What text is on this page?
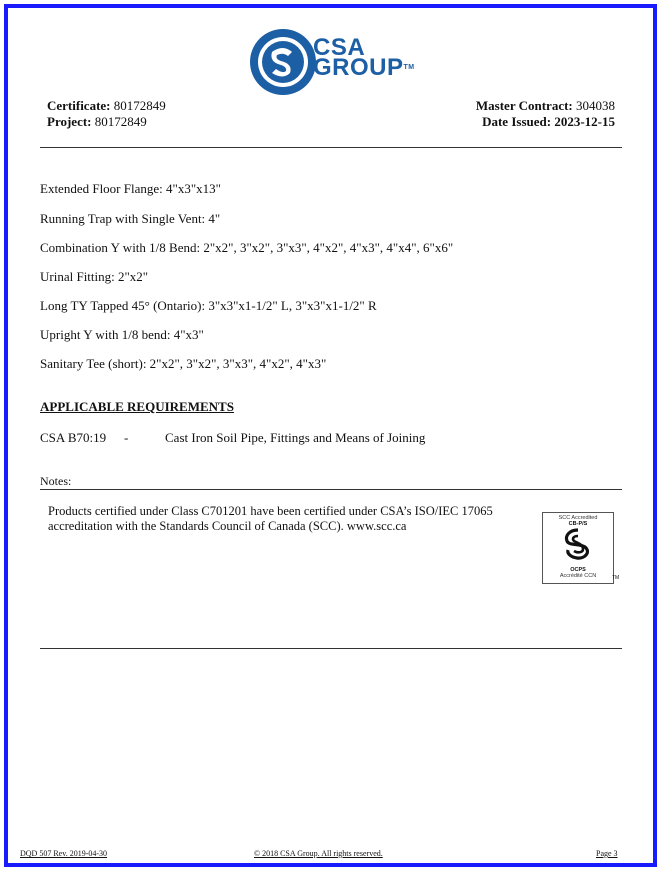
CSA
GROUP™
Certificate: 80172849
Project: 80172849
Master Contract: 304038
Date Issued: 2023-12-15
Extended Floor Flange: 4"x3"x13"
Running Trap with Single Vent: 4"
Combination Y with 1/8 Bend: 2"x2", 3"x2", 3"x3", 4"x2", 4"x3", 4"x4", 6"x6"
Urinal Fitting: 2"x2"
Long TY Tapped 45° (Ontario): 3"x3"x1-1/2" L, 3"x3"x1-1/2" R
Upright Y with 1/8 bend: 4"x3"
Sanitary Tee (short): 2"x2", 3"x2", 3"x3", 4"x2", 4"x3"
APPLICABLE REQUIREMENTS
CSA B70:19 -	Cast Iron Soil Pipe, Fittings and Means of Joining
Notes:
Products certified under Class C701201 have been certified under CSA’s ISO/IEC 17065 accreditation with the Standards Council of Canada (SCC). www.scc.ca
SCC Accredited
CB-P/S
OCPS
Accrédité CCN	TM
DQD 507 Rev. 2019-04-30	© 2018 CSA Group. All rights reserved.	Page 3
